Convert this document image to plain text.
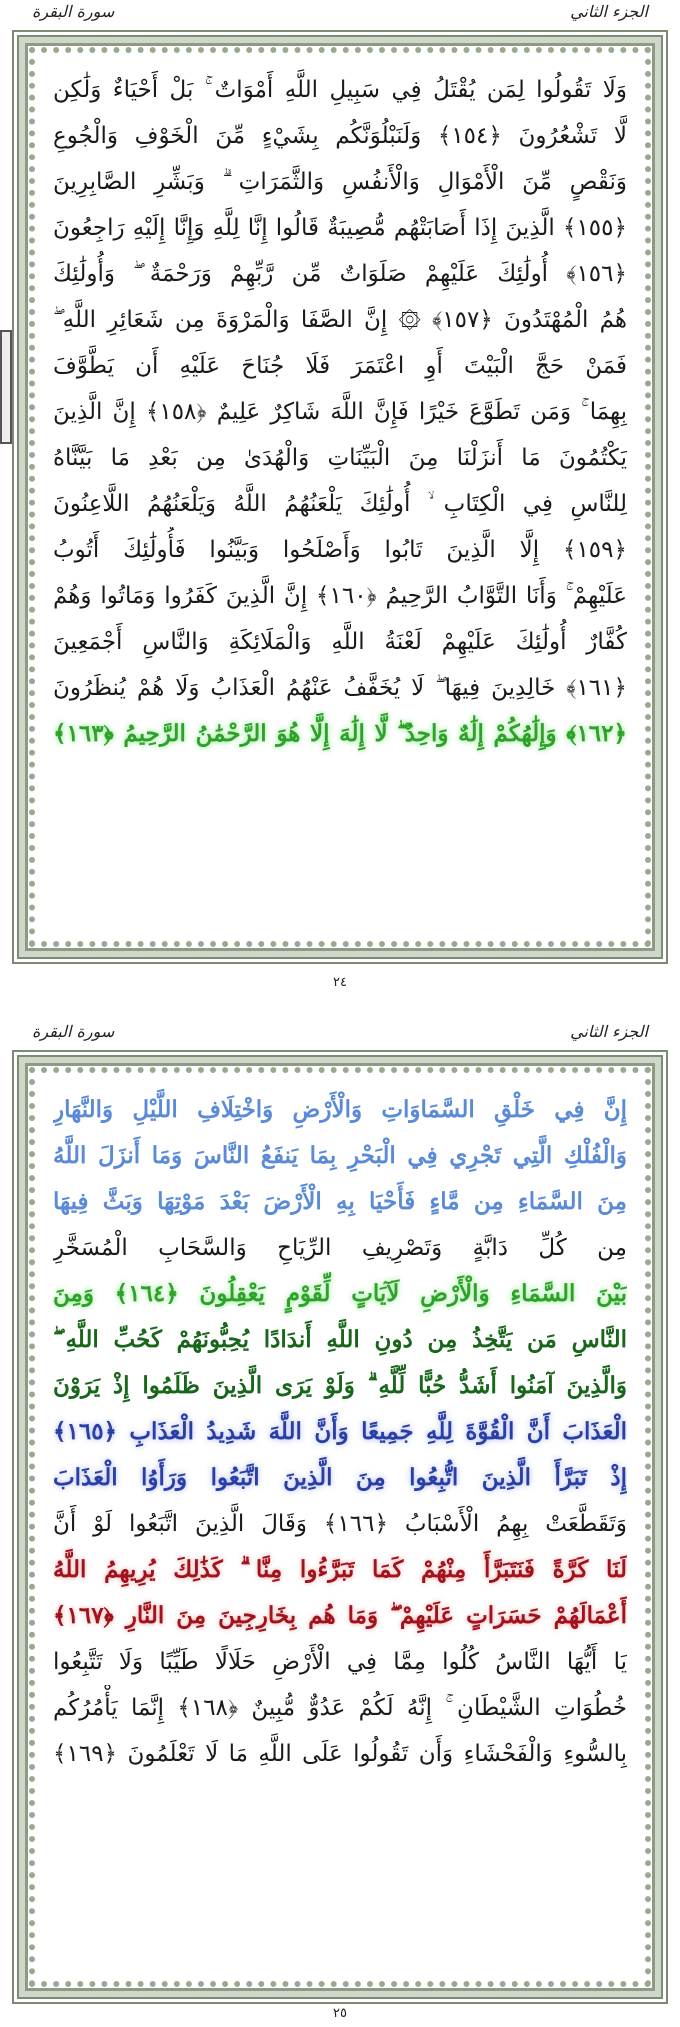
الجزء الثاني
سورة البقرة
وَلَا تَقُولُوا لِمَن يُقْتَلُ فِي سَبِيلِ اللَّهِ أَمْوَاتٌ ۚ بَلْ أَحْيَاءٌ وَلَٰكِن
لَّا تَشْعُرُونَ ﴿١٥٤﴾ وَلَنَبْلُوَنَّكُم بِشَيْءٍ مِّنَ الْخَوْفِ وَالْجُوعِ
وَنَقْصٍ مِّنَ الْأَمْوَالِ وَالْأَنفُسِ وَالثَّمَرَاتِ ۗ وَبَشِّرِ الصَّابِرِينَ
﴿١٥٥﴾ الَّذِينَ إِذَا أَصَابَتْهُم مُّصِيبَةٌ قَالُوا إِنَّا لِلَّهِ وَإِنَّا إِلَيْهِ رَاجِعُونَ
﴿١٥٦﴾ أُولَٰئِكَ عَلَيْهِمْ صَلَوَاتٌ مِّن رَّبِّهِمْ وَرَحْمَةٌ ۖ وَأُولَٰئِكَ
هُمُ الْمُهْتَدُونَ ﴿١٥٧﴾ ۞ إِنَّ الصَّفَا وَالْمَرْوَةَ مِن شَعَائِرِ اللَّهِ ۖ
فَمَنْ حَجَّ الْبَيْتَ أَوِ اعْتَمَرَ فَلَا جُنَاحَ عَلَيْهِ أَن يَطَّوَّفَ
بِهِمَا ۚ وَمَن تَطَوَّعَ خَيْرًا فَإِنَّ اللَّهَ شَاكِرٌ عَلِيمٌ ﴿١٥٨﴾ إِنَّ الَّذِينَ
يَكْتُمُونَ مَا أَنزَلْنَا مِنَ الْبَيِّنَاتِ وَالْهُدَىٰ مِن بَعْدِ مَا بَيَّنَّاهُ
لِلنَّاسِ فِي الْكِتَابِ ۙ أُولَٰئِكَ يَلْعَنُهُمُ اللَّهُ وَيَلْعَنُهُمُ اللَّاعِنُونَ
﴿١٥٩﴾ إِلَّا الَّذِينَ تَابُوا وَأَصْلَحُوا وَبَيَّنُوا فَأُولَٰئِكَ أَتُوبُ
عَلَيْهِمْ ۚ وَأَنَا التَّوَّابُ الرَّحِيمُ ﴿١٦٠﴾ إِنَّ الَّذِينَ كَفَرُوا وَمَاتُوا وَهُمْ
كُفَّارٌ أُولَٰئِكَ عَلَيْهِمْ لَعْنَةُ اللَّهِ وَالْمَلَائِكَةِ وَالنَّاسِ أَجْمَعِينَ
﴿١٦١﴾ خَالِدِينَ فِيهَا ۖ لَا يُخَفَّفُ عَنْهُمُ الْعَذَابُ وَلَا هُمْ يُنظَرُونَ
﴿١٦٢﴾ وَإِلَٰهُكُمْ إِلَٰهٌ وَاحِدٌ ۖ لَّا إِلَٰهَ إِلَّا هُوَ الرَّحْمَٰنُ الرَّحِيمُ ﴿١٦٣﴾
٢٤
الجزء الثاني
سورة البقرة
إِنَّ فِي خَلْقِ السَّمَاوَاتِ وَالْأَرْضِ وَاخْتِلَافِ اللَّيْلِ وَالنَّهَارِ
وَالْفُلْكِ الَّتِي تَجْرِي فِي الْبَحْرِ بِمَا يَنفَعُ النَّاسَ وَمَا أَنزَلَ اللَّهُ
مِنَ السَّمَاءِ مِن مَّاءٍ فَأَحْيَا بِهِ الْأَرْضَ بَعْدَ مَوْتِهَا وَبَثَّ فِيهَا
مِن كُلِّ دَابَّةٍ وَتَصْرِيفِ الرِّيَاحِ وَالسَّحَابِ الْمُسَخَّرِ
بَيْنَ السَّمَاءِ وَالْأَرْضِ لَآيَاتٍ لِّقَوْمٍ يَعْقِلُونَ ﴿١٦٤﴾ وَمِنَ
النَّاسِ مَن يَتَّخِذُ مِن دُونِ اللَّهِ أَندَادًا يُحِبُّونَهُمْ كَحُبِّ اللَّهِ ۖ
وَالَّذِينَ آمَنُوا أَشَدُّ حُبًّا لِّلَّهِ ۗ وَلَوْ يَرَى الَّذِينَ ظَلَمُوا إِذْ يَرَوْنَ
الْعَذَابَ أَنَّ الْقُوَّةَ لِلَّهِ جَمِيعًا وَأَنَّ اللَّهَ شَدِيدُ الْعَذَابِ ﴿١٦٥﴾
إِذْ تَبَرَّأَ الَّذِينَ اتُّبِعُوا مِنَ الَّذِينَ اتَّبَعُوا وَرَأَوُا الْعَذَابَ
وَتَقَطَّعَتْ بِهِمُ الْأَسْبَابُ ﴿١٦٦﴾ وَقَالَ الَّذِينَ اتَّبَعُوا لَوْ أَنَّ
لَنَا كَرَّةً فَنَتَبَرَّأَ مِنْهُمْ كَمَا تَبَرَّءُوا مِنَّا ۗ كَذَٰلِكَ يُرِيهِمُ اللَّهُ
أَعْمَالَهُمْ حَسَرَاتٍ عَلَيْهِمْ ۖ وَمَا هُم بِخَارِجِينَ مِنَ النَّارِ ﴿١٦٧﴾
يَا أَيُّهَا النَّاسُ كُلُوا مِمَّا فِي الْأَرْضِ حَلَالًا طَيِّبًا وَلَا تَتَّبِعُوا
خُطُوَاتِ الشَّيْطَانِ ۚ إِنَّهُ لَكُمْ عَدُوٌّ مُّبِينٌ ﴿١٦٨﴾ إِنَّمَا يَأْمُرُكُم
بِالسُّوءِ وَالْفَحْشَاءِ وَأَن تَقُولُوا عَلَى اللَّهِ مَا لَا تَعْلَمُونَ ﴿١٦٩﴾
٢٥
